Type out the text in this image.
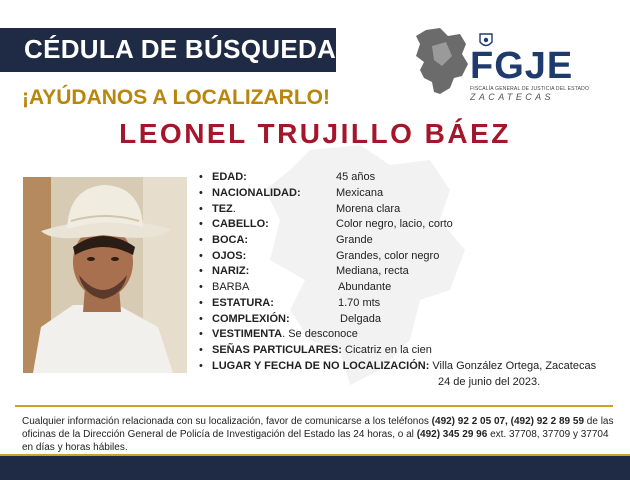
CÉDULA DE BÚSQUEDA
¡AYÚDANOS A LOCALIZARLO!
FGJE
FISCALÍA GENERAL DE JUSTICIA DEL ESTADO
ZACATECAS
LEONEL TRUJILLO BÁEZ
• EDAD:	45 años
• NACIONALIDAD:	Mexicana
• TEZ.	Morena clara
• CABELLO:	Color negro, lacio, corto
• BOCA:	Grande
• OJOS:	Grandes, color negro
• NARIZ:	Mediana, recta
• BARBA	Abundante
• ESTATURA:	1.70 mts
• COMPLEXIÓN:	Delgada
• VESTIMENTA. Se desconoce
• SEÑAS PARTICULARES: Cicatriz en la cien
• LUGAR Y FECHA DE NO LOCALIZACIÓN: Villa González Ortega, Zacatecas
24 de junio del 2023.
Cualquier información relacionada con su localización, favor de comunicarse a los teléfonos (492) 92 2 05 07, (492) 92 2 89 59 de las oficinas de la Dirección General de Policía de Investigación del Estado las 24 horas, o al (492) 345 29 96 ext. 37708, 37709 y 37704 en días y horas hábiles.
